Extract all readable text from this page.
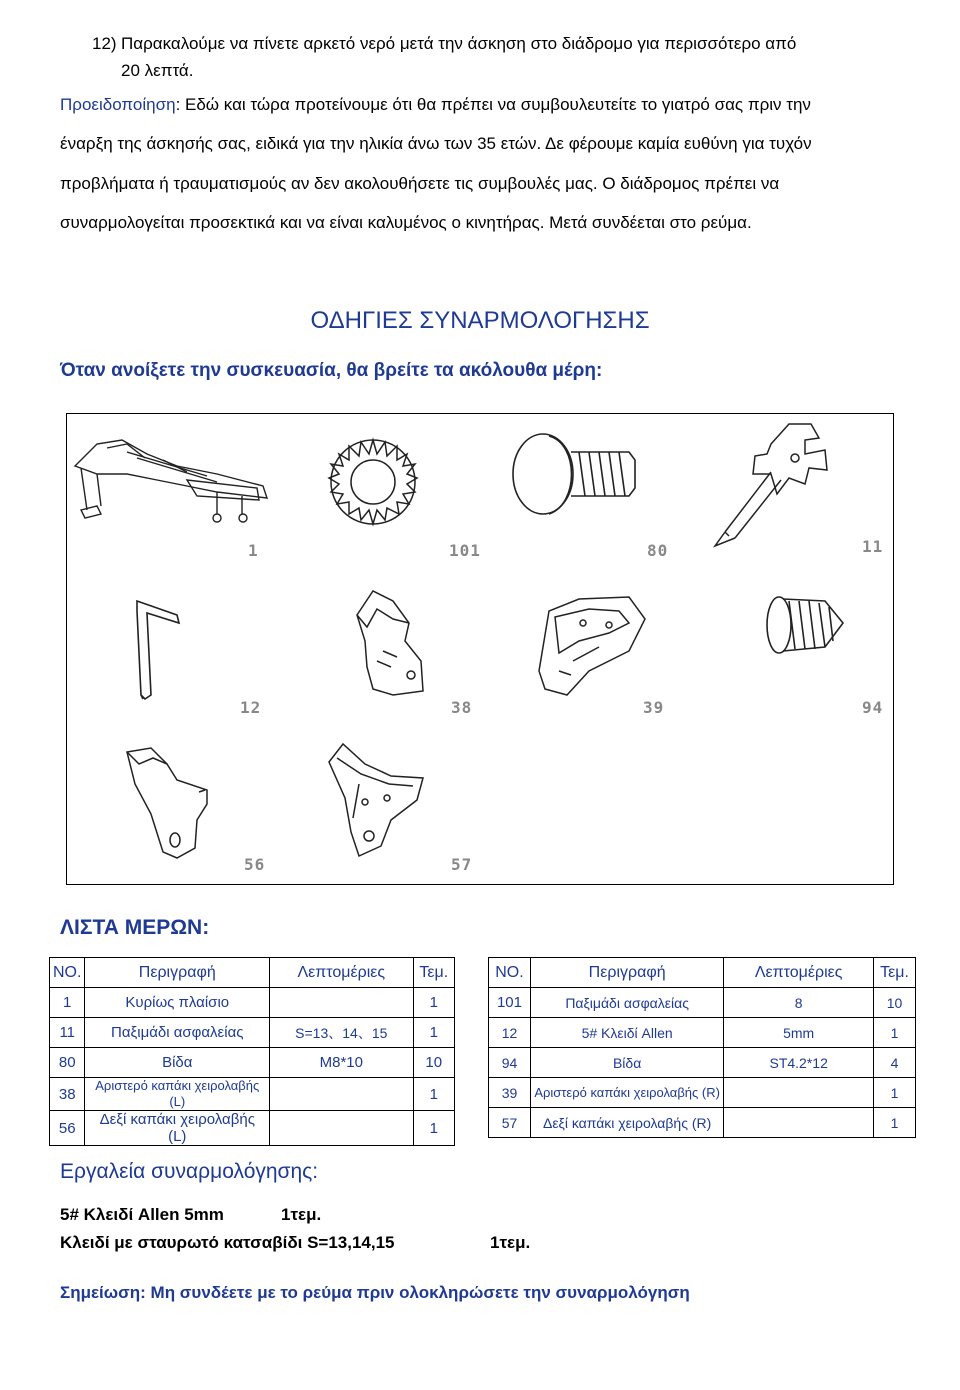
12) Παρακαλούμε να πίνετε αρκετό νερό μετά την άσκηση στο διάδρομο για περισσότερο από
20 λεπτά.
Προειδοποίηση: Εδώ και τώρα προτείνουμε ότι θα πρέπει να συμβουλευτείτε το γιατρό σας πριν την
έναρξη της άσκησής σας, ειδικά για την ηλικία άνω των 35 ετών. Δε φέρουμε καμία ευθύνη για τυχόν
προβλήματα ή τραυματισμούς αν δεν ακολουθήσετε τις συμβουλές μας. Ο διάδρομος πρέπει να
συναρμολογείται προσεκτικά και να είναι καλυμένος ο κινητήρας. Μετά συνδέεται στο ρεύμα.
ΟΔΗΓΙΕΣ ΣΥΝΑΡΜΟΛΟΓΗΣΗΣ
Όταν ανοίξετε την συσκευασία, θα βρείτε τα ακόλουθα μέρη:
1	101	80	11
12	38	39	94
56	57
ΛΙΣΤΑ ΜΕΡΩΝ:
NO.	Περιγραφή	Λεπτομέριες	Τεμ.
1	Κυρίως πλαίσιο		1
11	Παξιμάδι ασφαλείας	S=13、14、15	1
80	Βίδα	M8*10	10
38	Αριστερό καπάκι χειρολαβής (L)		1
56	Δεξί καπάκι χειρολαβής (L)		1
NO.	Περιγραφή	Λεπτομέριες	Τεμ.
101	Παξιμάδι ασφαλείας	8	10
12	5# Κλειδί Allen	5mm	1
94	Βίδα	ST4.2*12	4
39	Αριστερό καπάκι χειρολαβής (R)		1
57	Δεξί καπάκι χειρολαβής (R)		1
Εργαλεία συναρμολόγησης:
5# Κλειδί Allen 5mm	1τεμ.
Κλειδί με σταυρωτό κατσαβίδι S=13,14,15	1τεμ.
Σημείωση: Μη συνδέετε με το ρεύμα πριν ολοκληρώσετε την συναρμολόγηση
